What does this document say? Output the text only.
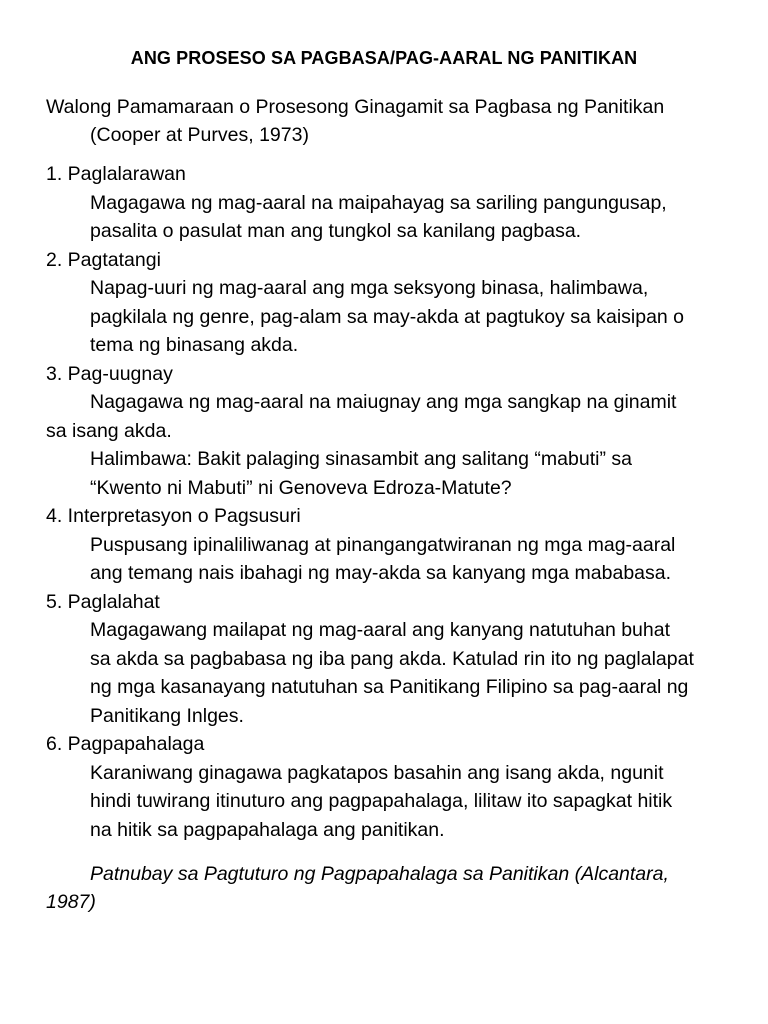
ANG PROSESO SA PAGBASA/PAG-AARAL NG PANITIKAN
Walong Pamamaraan o Prosesong Ginagamit sa Pagbasa ng Panitikan
(Cooper at Purves, 1973)
1. Paglalarawan
Magagawa ng mag-aaral na maipahayag sa sariling pangungusap,
pasalita o pasulat man ang tungkol sa kanilang pagbasa.
2. Pagtatangi
Napag-uuri ng mag-aaral ang mga seksyong binasa, halimbawa,
pagkilala ng genre, pag-alam sa may-akda at pagtukoy sa kaisipan o
tema ng binasang akda.
3. Pag-uugnay
Nagagawa ng mag-aaral na maiugnay ang mga sangkap na ginamit
sa isang akda.
Halimbawa: Bakit palaging sinasambit ang salitang “mabuti” sa
“Kwento ni Mabuti” ni Genoveva Edroza-Matute?
4. Interpretasyon o Pagsusuri
Puspusang ipinaliliwanag at pinangangatwiranan ng mga mag-aaral
ang temang nais ibahagi ng may-akda sa kanyang mga mababasa.
5. Paglalahat
Magagawang mailapat ng mag-aaral ang kanyang natutuhan buhat
sa akda sa pagbabasa ng iba pang akda. Katulad rin ito ng paglalapat
ng mga kasanayang natutuhan sa Panitikang Filipino sa pag-aaral ng
Panitikang Inlges.
6. Pagpapahalaga
Karaniwang ginagawa pagkatapos basahin ang isang akda, ngunit
hindi tuwirang itinuturo ang pagpapahalaga, lilitaw ito sapagkat hitik
na hitik sa pagpapahalaga ang panitikan.
Patnubay sa Pagtuturo ng Pagpapahalaga sa Panitikan (Alcantara,
1987)
